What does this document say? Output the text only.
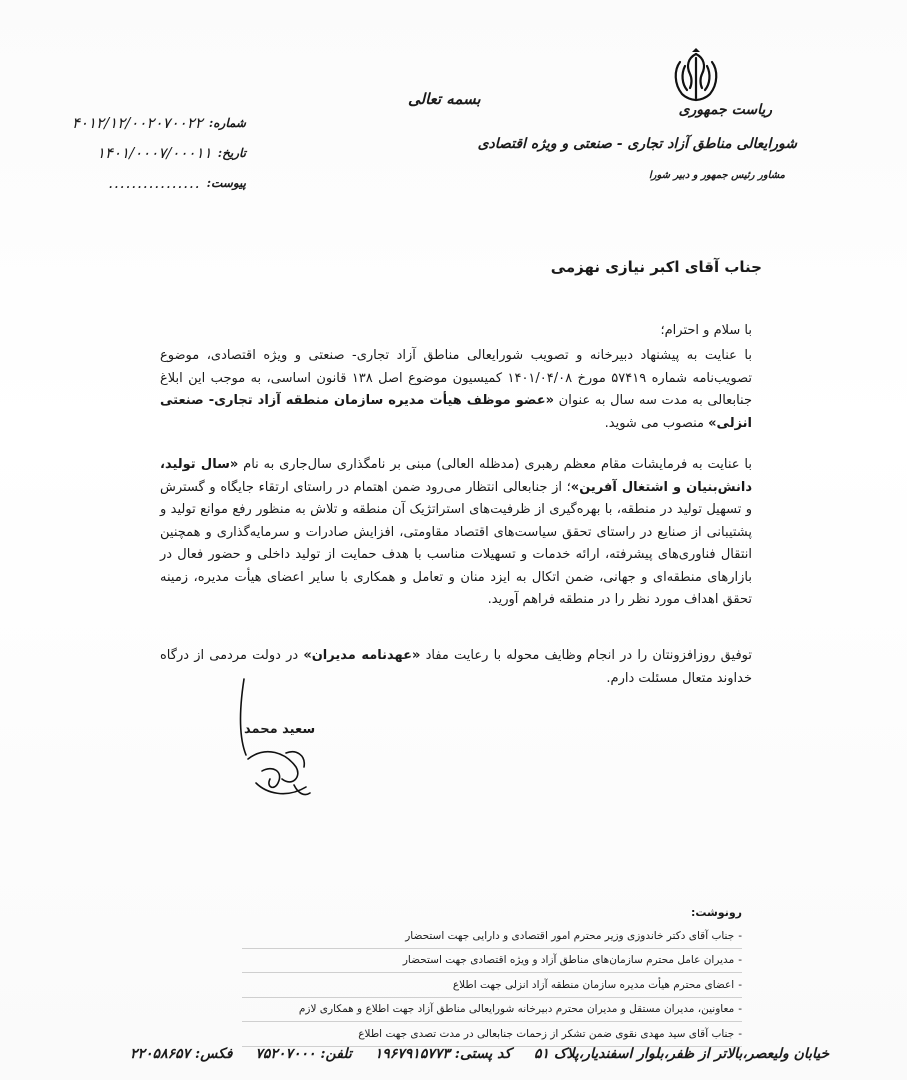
ریاست جمهوری
شورایعالی مناطق آزاد تجاری - صنعتی و ویژه اقتصادی
مشاور رئیس جمهور و دبیر شورا
بسمه تعالی
شماره:
۴۰۱۲/۱۲/۰۰۲۰۷۰۰۲۲
تاریخ:
۱۴۰۱/۰۰۰۷/۰۰۰۱۱
پیوست:
................
جناب آقای اکبر نیازی نهزمی
با سلام و احترام؛
با عنایت به پیشنهاد دبیرخانه و تصویب شورایعالی مناطق آزاد تجاری- صنعتی و ویژه اقتصادی، موضوع تصویب‌نامه شماره ۵۷۴۱۹ مورخ ۱۴۰۱/۰۴/۰۸ کمیسیون موضوع اصل ۱۳۸ قانون اساسی، به موجب این ابلاغ جنابعالی به مدت سه سال به عنوان «عضو موظف هیأت مدیره سازمان منطقه آزاد تجاری- صنعتی انزلی» منصوب می شوید.
با عنایت به فرمایشات مقام معظم رهبری (مدظله العالی) مبنی بر نامگذاری سال‌جاری به نام «سال تولید، دانش‌بنیان و اشتغال آفرین»؛ از جنابعالی انتظار می‌رود ضمن اهتمام در راستای ارتقاء جایگاه و گسترش و تسهیل تولید در منطقه، با بهره‌گیری از ظرفیت‌های استراتژیک آن منطقه و تلاش به منظور رفع موانع تولید و پشتیبانی از صنایع در راستای تحقق سیاست‌های اقتصاد مقاومتی، افزایش صادرات و سرمایه‌گذاری و همچنین انتقال فناوری‌های پیشرفته، ارائه خدمات و تسهیلات مناسب با هدف حمایت از تولید داخلی و حضور فعال در بازارهای منطقه‌ای و جهانی، ضمن اتکال به ایزد منان و تعامل و همکاری با سایر اعضای هیأت مدیره، زمینه تحقق اهداف مورد نظر را در منطقه فراهم آورید.
توفیق روزافزونتان را در انجام وظایف محوله با رعایت مفاد «عهدنامه مدیران» در دولت مردمی از درگاه خداوند متعال مسئلت دارم.
سعید محمد
رونوشت:
-
جناب آقای دکتر خاندوزی وزیر محترم امور اقتصادی و دارایی جهت استحضار
-
مدیران عامل محترم سازمان‌های مناطق آزاد و ویژه اقتصادی جهت استحضار
-
اعضای محترم هیأت مدیره سازمان منطقه آزاد انزلی جهت اطلاع
-
معاونین، مدیران مستقل و مدیران محترم دبیرخانه شورایعالی مناطق آزاد جهت اطلاع و همکاری لازم
-
جناب آقای سید مهدی نقوی ضمن تشکر از زحمات جنابعالی در مدت تصدی جهت اطلاع
خیابان ولیعصر،بالاتر از ظفر،بلوار اسفندیار،پلاک ۵۱ کد پستی: ۱۹۶۷۹۱۵۷۷۳ تلفن: ۷۵۲۰۷۰۰۰ فکس: ۲۲۰۵۸۶۵۷
